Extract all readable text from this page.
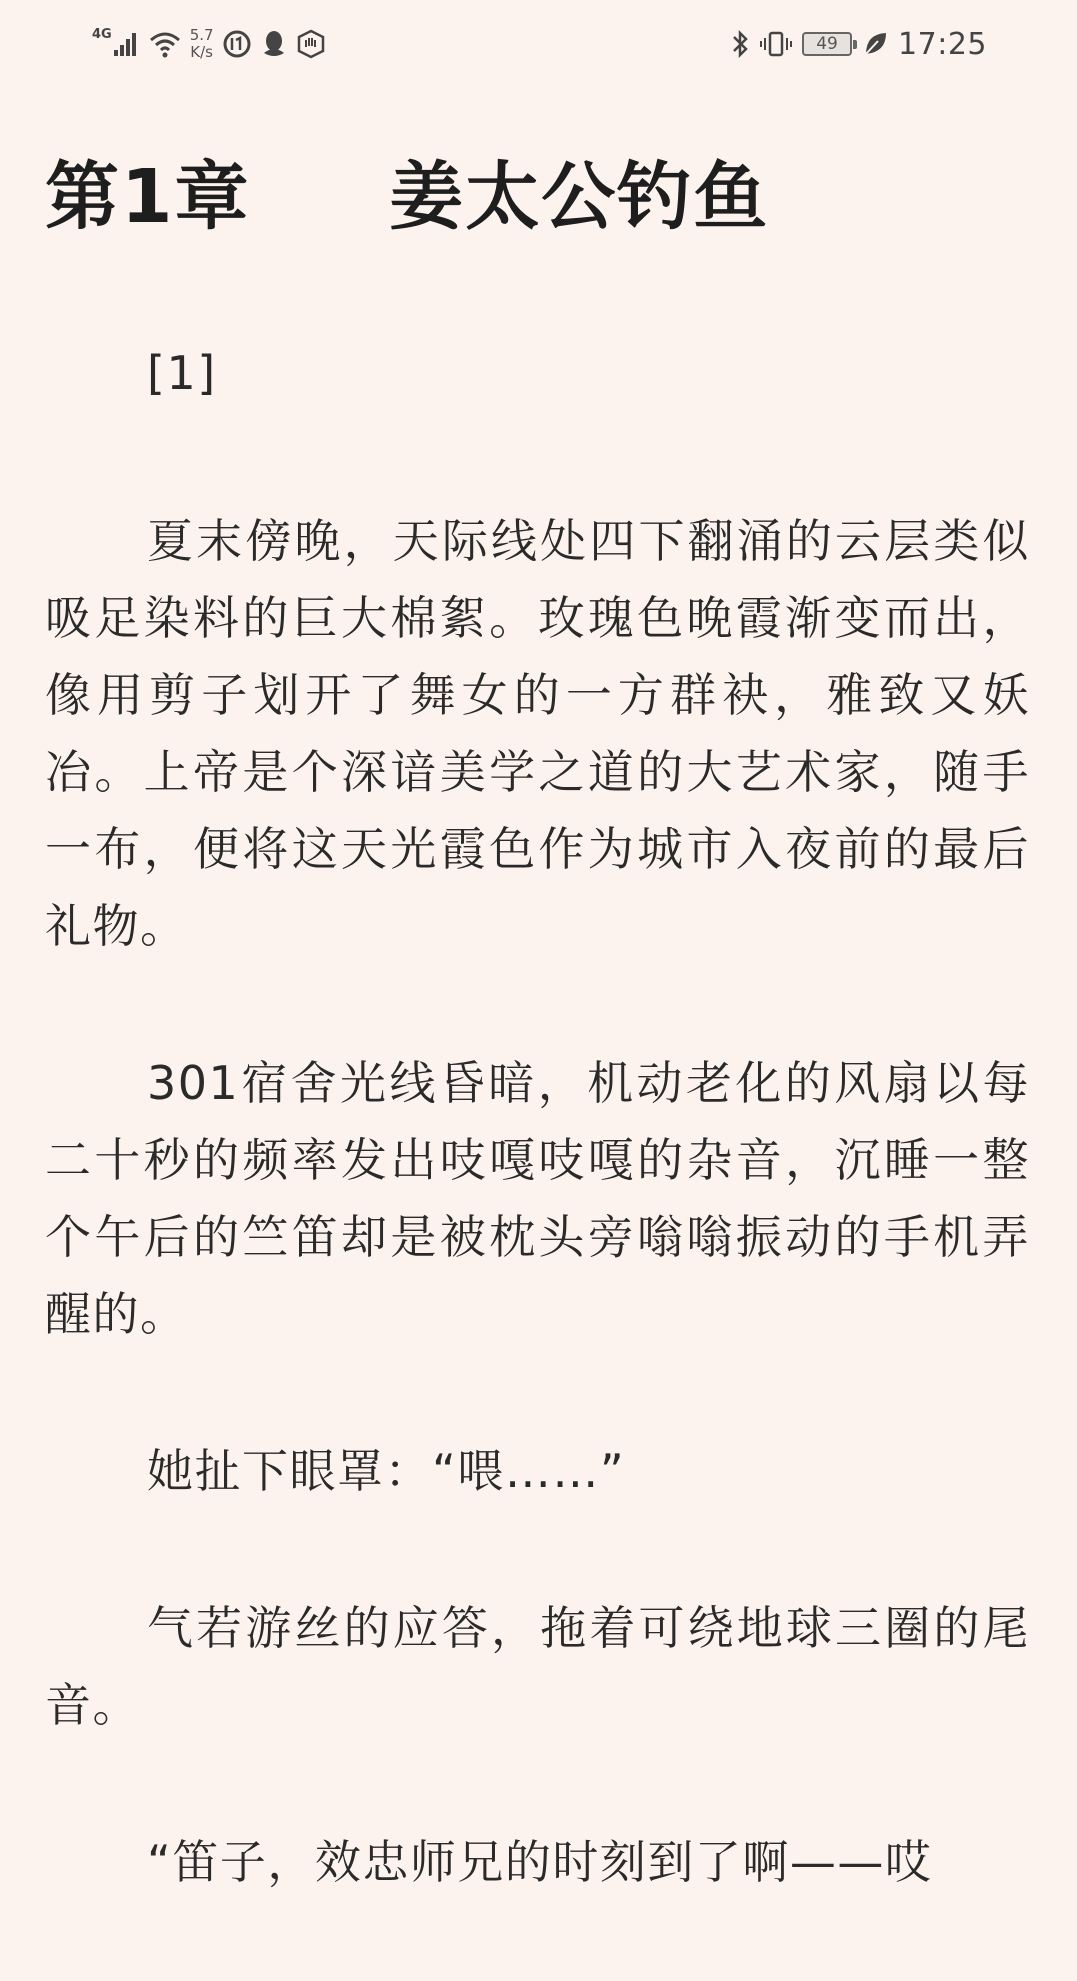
4G	5.7
K/s	49 17:25
第1章     姜太公钓鱼

[1]

夏末傍晚，天际线处四下翻涌的云层类似吸足染料的巨大棉絮。玫瑰色晚霞渐变而出，像用剪子划开了舞女的一方群袂，雅致又妖冶。上帝是个深谙美学之道的大艺术家，随手一布，便将这天光霞色作为城市入夜前的最后礼物。

301宿舍光线昏暗，机动老化的风扇以每二十秒的频率发出吱嘎吱嘎的杂音，沉睡一整个午后的竺笛却是被枕头旁嗡嗡振动的手机弄醒的。

她扯下眼罩：“喂……”

气若游丝的应答，拖着可绕地球三圈的尾音。

“笛子，效忠师兄的时刻到了啊——哎
